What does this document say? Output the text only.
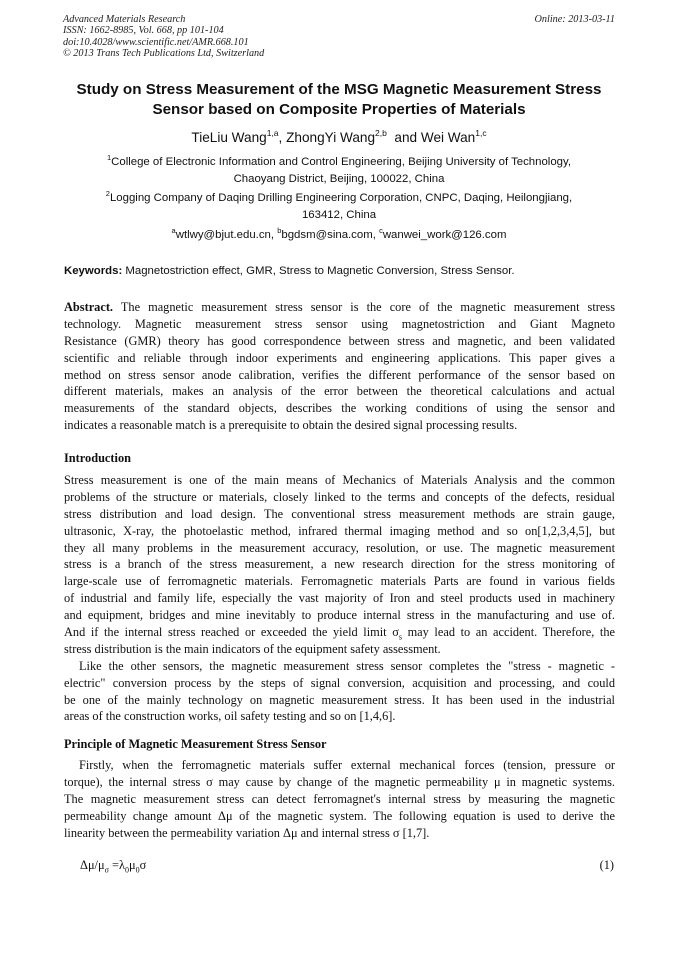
Advanced Materials Research
ISSN: 1662-8985, Vol. 668, pp 101-104
doi:10.4028/www.scientific.net/AMR.668.101
© 2013 Trans Tech Publications Ltd, Switzerland
Online: 2013-03-11
Study on Stress Measurement of the MSG Magnetic Measurement Stress
Sensor based on Composite Properties of Materials
TieLiu Wang$^{1,a}$, ZhongYi Wang$^{2,b}$  and Wei Wan$^{1,c}$
$^1$College of Electronic Information and Control Engineering, Beijing University of Technology,
Chaoyang District, Beijing, 100022, China
$^2$Logging Company of Daqing Drilling Engineering Corporation, CNPC, Daqing, Heilongjiang,
163412, China
$^a$wtlwy@bjut.edu.cn, $^b$bgdsm@sina.com, $^c$wanwei_work@126.com
Keywords: Magnetostriction effect, GMR, Stress to Magnetic Conversion, Stress Sensor.
Abstract. The magnetic measurement stress sensor is the core of the magnetic measurement stress
technology. Magnetic measurement stress sensor using magnetostriction and Giant Magneto
Resistance (GMR) theory has good correspondence between stress and magnetic, and been validated
scientific and reliable through indoor experiments and engineering applications. This paper gives a
method on stress sensor anode calibration, verifies the different performance of the sensor based on
different materials, makes an analysis of the error between the theoretical calculations and actual
measurements of the standard objects, describes the working conditions of using the sensor and
indicates a reasonable match is a prerequisite to obtain the desired signal processing results.
Introduction
Stress measurement is one of the main means of Mechanics of Materials Analysis and the common
problems of the structure or materials, closely linked to the terms and concepts of the defects, residual
stress distribution and load design. The conventional stress measurement methods are strain gauge,
ultrasonic, X-ray, the photoelastic method, infrared thermal imaging method and so on[1,2,3,4,5], but
they all many problems in the measurement accuracy, resolution, or use. The magnetic measurement
stress is a branch of the stress measurement, a new research direction for the stress monitoring of
large-scale use of ferromagnetic materials. Ferromagnetic materials Parts are found in various fields
of industrial and family life, especially the vast majority of Iron and steel products used in machinery
and equipment, bridges and mine inevitably to produce internal stress in the manufacturing and use of.
And if the internal stress reached or exceeded the yield limit $\sigma_s$ may lead to an accident. Therefore, the
stress distribution is the main indicators of the equipment safety assessment.
Like the other sensors, the magnetic measurement stress sensor completes the "stress - magnetic -
electric" conversion process by the steps of signal conversion, acquisition and processing, and could
be one of the mainly technology on magnetic measurement stress. It has been used in the industrial
areas of the construction works, oil safety testing and so on [1,4,6].
Principle of Magnetic Measurement Stress Sensor
Firstly, when the ferromagnetic materials suffer external mechanical forces (tension, pressure or
torque), the internal stress σ may cause by change of the magnetic permeability μ in magnetic systems.
The magnetic measurement stress can detect ferromagnet's internal stress by measuring the magnetic
permeability change amount Δμ of the magnetic system. The following equation is used to derive the
linearity between the permeability variation Δμ and internal stress σ [1,7].
$\Delta\mu/\mu_\sigma =\lambda_0\mu_0\sigma$	(1)
